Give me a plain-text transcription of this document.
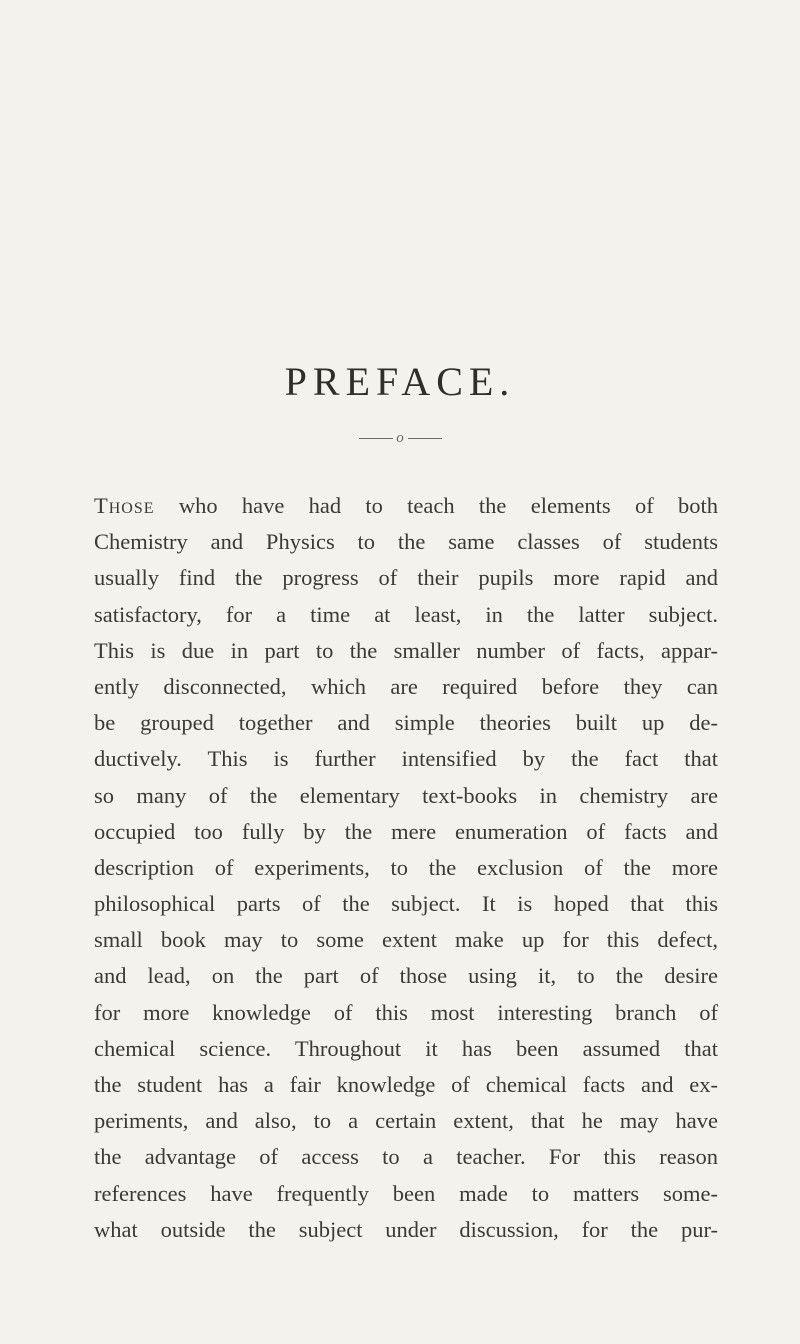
PREFACE.
o
Those who have had to teach the elements of both
Chemistry and Physics to the same classes of students
usually find the progress of their pupils more rapid and
satisfactory, for a time at least, in the latter subject.
This is due in part to the smaller number of facts, appar-
ently disconnected, which are required before they can
be grouped together and simple theories built up de-
ductively. This is further intensified by the fact that
so many of the elementary text-books in chemistry are
occupied too fully by the mere enumeration of facts and
description of experiments, to the exclusion of the more
philosophical parts of the subject. It is hoped that this
small book may to some extent make up for this defect,
and lead, on the part of those using it, to the desire
for more knowledge of this most interesting branch of
chemical science. Throughout it has been assumed that
the student has a fair knowledge of chemical facts and ex-
periments, and also, to a certain extent, that he may have
the advantage of access to a teacher. For this reason
references have frequently been made to matters some-
what outside the subject under discussion, for the pur-
